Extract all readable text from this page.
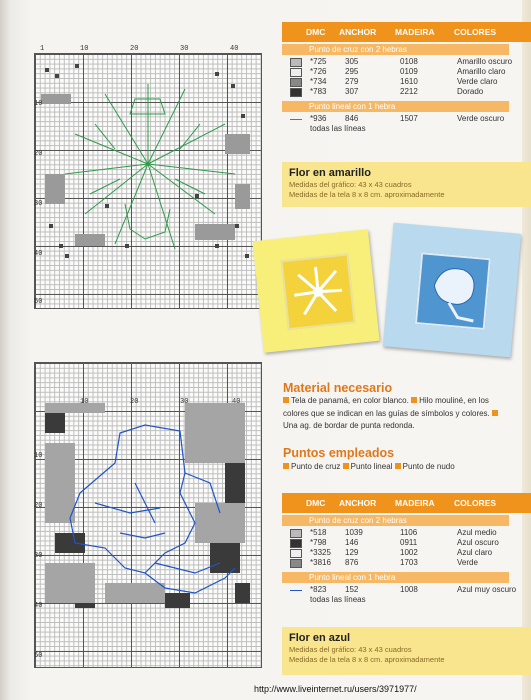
1	10	20	30	40
10
20
30
40
50
10	20	30	40
10
20
30
40
50
DMC ANCHOR MADEIRA COLORES
Punto de cruz con 2 hebras
*725 305	0108	Amarillo oscuro
*726 295	0109	Amarillo claro
*734 279	1610	Verde claro
*783 307	2212	Dorado
Punto lineal con 1 hebra
*936 846	1507	Verde oscuro
todas las líneas
Flor en amarillo
Medidas del gráfico: 43 x 43 cuadros
Medidas de la tela 8 x 8 cm. aproximadamente
Material necesario
Tela de panamá, en color blanco. Hilo mouliné, en los colores que se indican en las guías de símbolos y colores. Una ag. de bordar de punta redonda.
Puntos empleados
Punto de cruz Punto lineal Punto de nudo
DMC ANCHOR MADEIRA COLORES
Punto de cruz con 2 hebras
*518 1039	1106	Azul medio
*798 146	0911	Azul oscuro
*3325 129	1002	Azul claro
*3816 876	1703	Verde
Punto lineal con 1 hebra
*823 152	1008	Azul muy oscuro
todas las líneas
Flor en azul
Medidas del gráfico: 43 x 43 cuadros
Medidas de la tela 8 x 8 cm. aproximadamente
http://www.liveinternet.ru/users/3971977/
